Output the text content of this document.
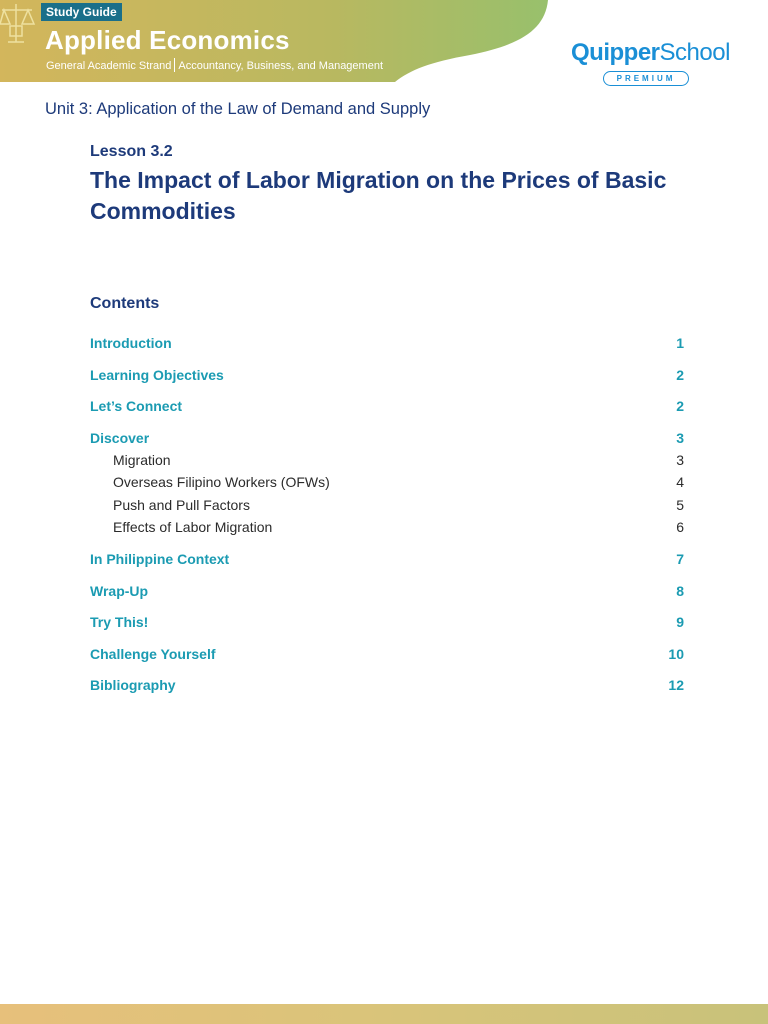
Study Guide
Applied Economics
General Academic Strand Accountancy, Business, and Management	QuipperSchool
PREMIUM
Unit 3: Application of the Law of Demand and Supply
Lesson 3.2
The Impact of Labor Migration on the Prices of Basic Commodities
Contents
Introduction	1
Learning Objectives	2
Let’s Connect	2
Discover	3
Migration	3
Overseas Filipino Workers (OFWs)	4
Push and Pull Factors	5
Effects of Labor Migration	6
In Philippine Context	7
Wrap-Up	8
Try This!	9
Challenge Yourself	10
Bibliography	12
